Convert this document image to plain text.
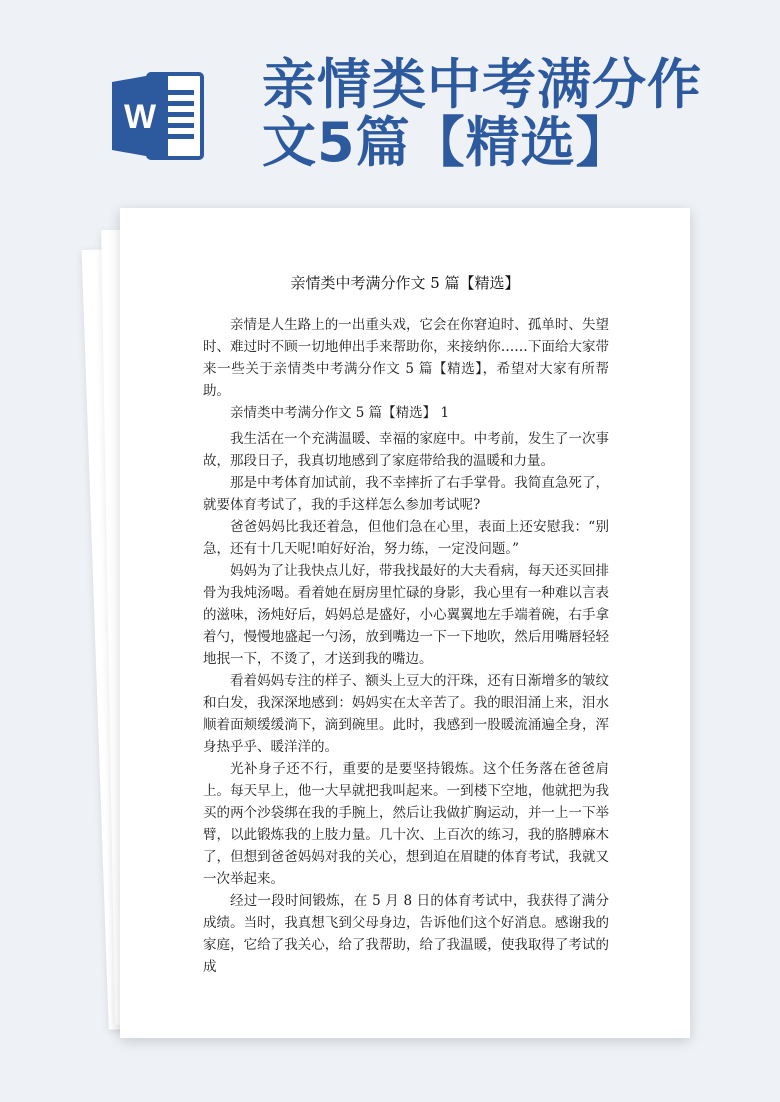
W
亲情类中考满分作
文5篇【精选】
亲情类中考满分作文 5 篇【精选】

亲情是人生路上的一出重头戏，它会在你窘迫时、孤单时、失望时、难过时不顾一切地伸出手来帮助你，来接纳你……下面给大家带来一些关于亲情类中考满分作文 5 篇【精选】，希望对大家有所帮助。

亲情类中考满分作文 5 篇【精选】 1

我生活在一个充满温暖、幸福的家庭中。中考前，发生了一次事故，那段日子，我真切地感到了家庭带给我的温暖和力量。

那是中考体育加试前，我不幸摔折了右手掌骨。我简直急死了，就要体育考试了，我的手这样怎么参加考试呢?

爸爸妈妈比我还着急，但他们急在心里，表面上还安慰我：“别急，还有十几天呢!咱好好治，努力练，一定没问题。”

妈妈为了让我快点儿好，带我找最好的大夫看病，每天还买回排骨为我炖汤喝。看着她在厨房里忙碌的身影，我心里有一种难以言表的滋味，汤炖好后，妈妈总是盛好，小心翼翼地左手端着碗，右手拿着勺，慢慢地盛起一勺汤，放到嘴边一下一下地吹，然后用嘴唇轻轻地抿一下，不烫了，才送到我的嘴边。

看着妈妈专注的样子、额头上豆大的汗珠，还有日渐增多的皱纹和白发，我深深地感到：妈妈实在太辛苦了。我的眼泪涌上来，泪水顺着面颊缓缓淌下，滴到碗里。此时，我感到一股暖流涌遍全身，浑身热乎乎、暖洋洋的。

光补身子还不行，重要的是要坚持锻炼。这个任务落在爸爸肩上。每天早上，他一大早就把我叫起来。一到楼下空地，他就把为我买的两个沙袋绑在我的手腕上，然后让我做扩胸运动，并一上一下举臂，以此锻炼我的上肢力量。几十次、上百次的练习，我的胳膊麻木了，但想到爸爸妈妈对我的关心，想到迫在眉睫的体育考试，我就又一次举起来。

经过一段时间锻炼，在 5 月 8 日的体育考试中，我获得了满分成绩。当时，我真想飞到父母身边，告诉他们这个好消息。感谢我的家庭，它给了我关心，给了我帮助，给了我温暖，使我取得了考试的成
